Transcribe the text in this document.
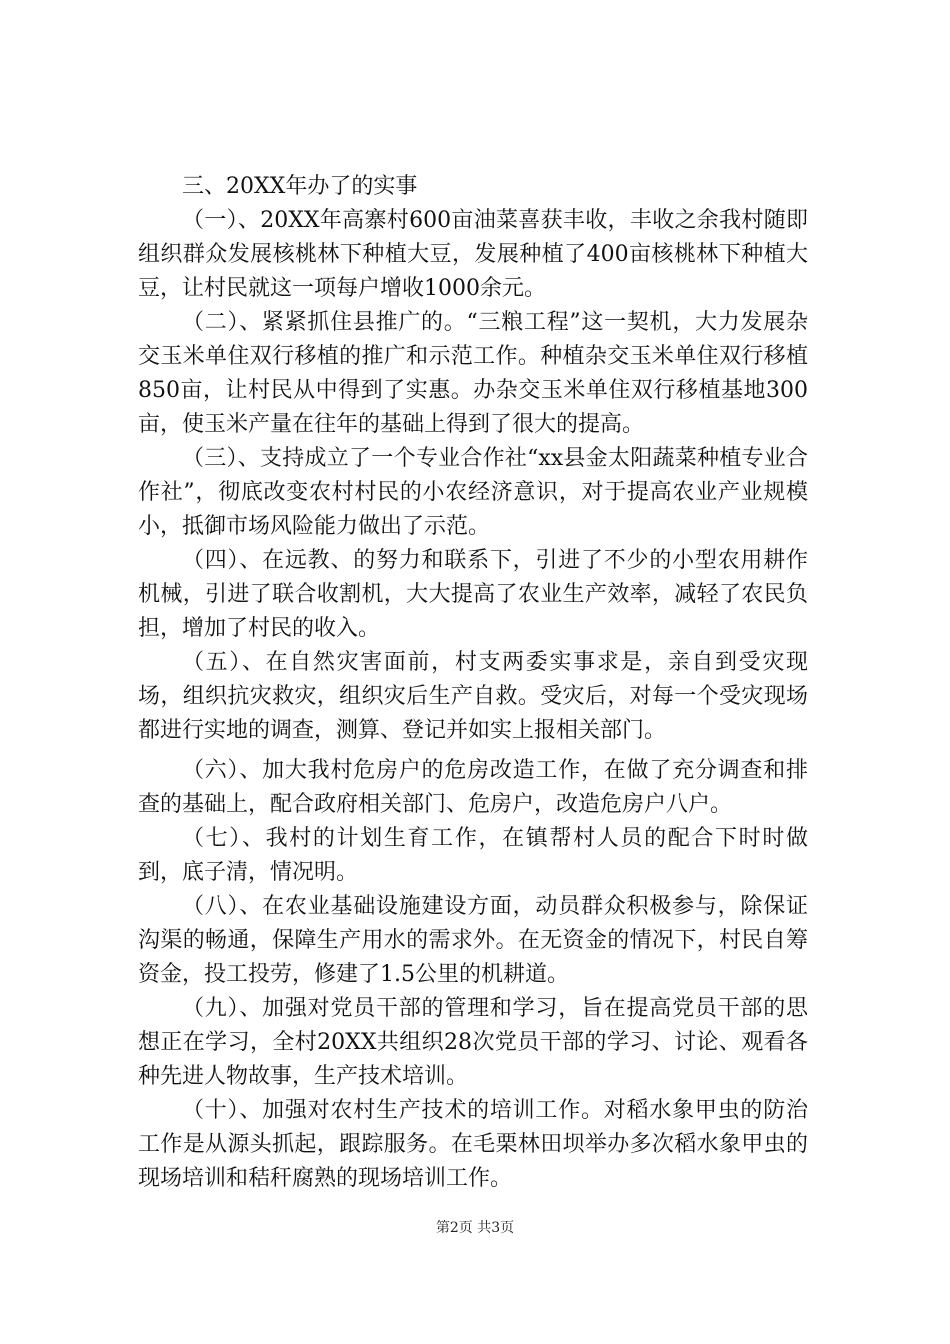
三、20XX年办了的实事

（一）、20XX年高寨村600亩油菜喜获丰收，丰收之余我村随即组织群众发展核桃林下种植大豆，发展种植了400亩核桃林下种植大豆，让村民就这一项每户增收1000余元。

（二）、紧紧抓住县推广的。“三粮工程”这一契机，大力发展杂交玉米单住双行移植的推广和示范工作。种植杂交玉米单住双行移植850亩，让村民从中得到了实惠。办杂交玉米单住双行移植基地300亩，使玉米产量在往年的基础上得到了很大的提高。

（三）、支持成立了一个专业合作社“xx县金太阳蔬菜种植专业合作社”，彻底改变农村村民的小农经济意识，对于提高农业产业规模小，抵御市场风险能力做出了示范。

（四）、在远教、的努力和联系下，引进了不少的小型农用耕作机械，引进了联合收割机，大大提高了农业生产效率，减轻了农民负担，增加了村民的收入。

（五）、在自然灾害面前，村支两委实事求是，亲自到受灾现场，组织抗灾救灾，组织灾后生产自救。受灾后，对每一个受灾现场都进行实地的调查，测算、登记并如实上报相关部门。

（六）、加大我村危房户的危房改造工作，在做了充分调查和排查的基础上，配合政府相关部门、危房户，改造危房户八户。

（七）、我村的计划生育工作，在镇帮村人员的配合下时时做到，底子清，情况明。

（八）、在农业基础设施建设方面，动员群众积极参与，除保证沟渠的畅通，保障生产用水的需求外。在无资金的情况下，村民自筹资金，投工投劳，修建了1.5公里的机耕道。

（九）、加强对党员干部的管理和学习，旨在提高党员干部的思想正在学习，全村20XX共组织28次党员干部的学习、讨论、观看各种先进人物故事，生产技术培训。

（十）、加强对农村生产技术的培训工作。对稻水象甲虫的防治工作是从源头抓起，跟踪服务。在毛栗林田坝举办多次稻水象甲虫的现场培训和秸秆腐熟的现场培训工作。

第2页 共3页
